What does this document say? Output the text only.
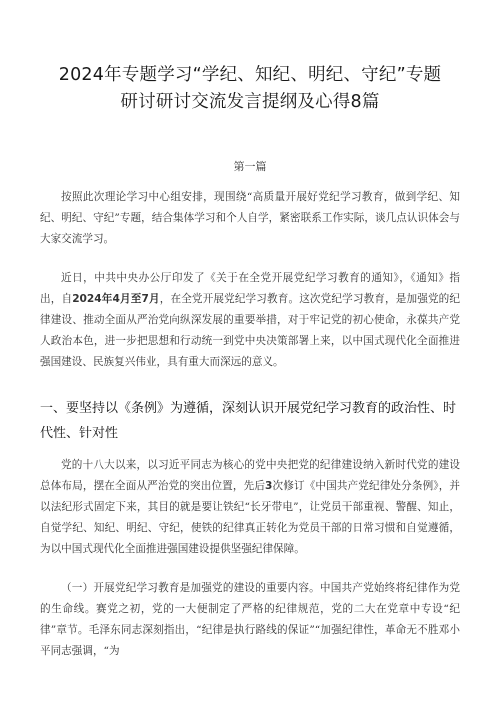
2024年专题学习“学纪、知纪、明纪、守纪”专题
研讨研讨交流发言提纲及心得8篇
第一篇
按照此次理论学习中心组安排，现围绕“高质量开展好党纪学习教育，做到学纪、知纪、明纪、守纪”专题，结合集体学习和个人自学，紧密联系工作实际，谈几点认识体会与大家交流学习。
近日，中共中央办公厅印发了《关于在全党开展党纪学习教育的通知》，《通知》指出，自2024年4月至7月，在全党开展党纪学习教育。这次党纪学习教育，是加强党的纪律建设、推动全面从严治党向纵深发展的重要举措，对于牢记党的初心使命，永葆共产党人政治本色，进一步把思想和行动统一到党中央决策部署上来，以中国式现代化全面推进强国建设、民族复兴伟业，具有重大而深远的意义。
一、要坚持以《条例》为遵循，深刻认识开展党纪学习教育的政治性、时代性、针对性
党的十八大以来，以习近平同志为核心的党中央把党的纪律建设纳入新时代党的建设总体布局，摆在全面从严治党的突出位置，先后3次修订《中国共产党纪律处分条例》，并以法纪形式固定下来，其目的就是要让铁纪“长牙带电”，让党员干部重视、警醒、知止，自觉学纪、知纪、明纪、守纪，使铁的纪律真正转化为党员干部的日常习惯和自觉遵循，为以中国式现代化全面推进强国建设提供坚强纪律保障。
（一）开展党纪学习教育是加强党的建设的重要内容。中国共产党始终将纪律作为党的生命线。赛党之初，党的一大便制定了严格的纪律规范，党的二大在党章中专设“纪律”章节。毛泽东同志深刻指出，“纪律是执行路线的保证”“加强纪律性，革命无不胜邓小平同志强调，“为
